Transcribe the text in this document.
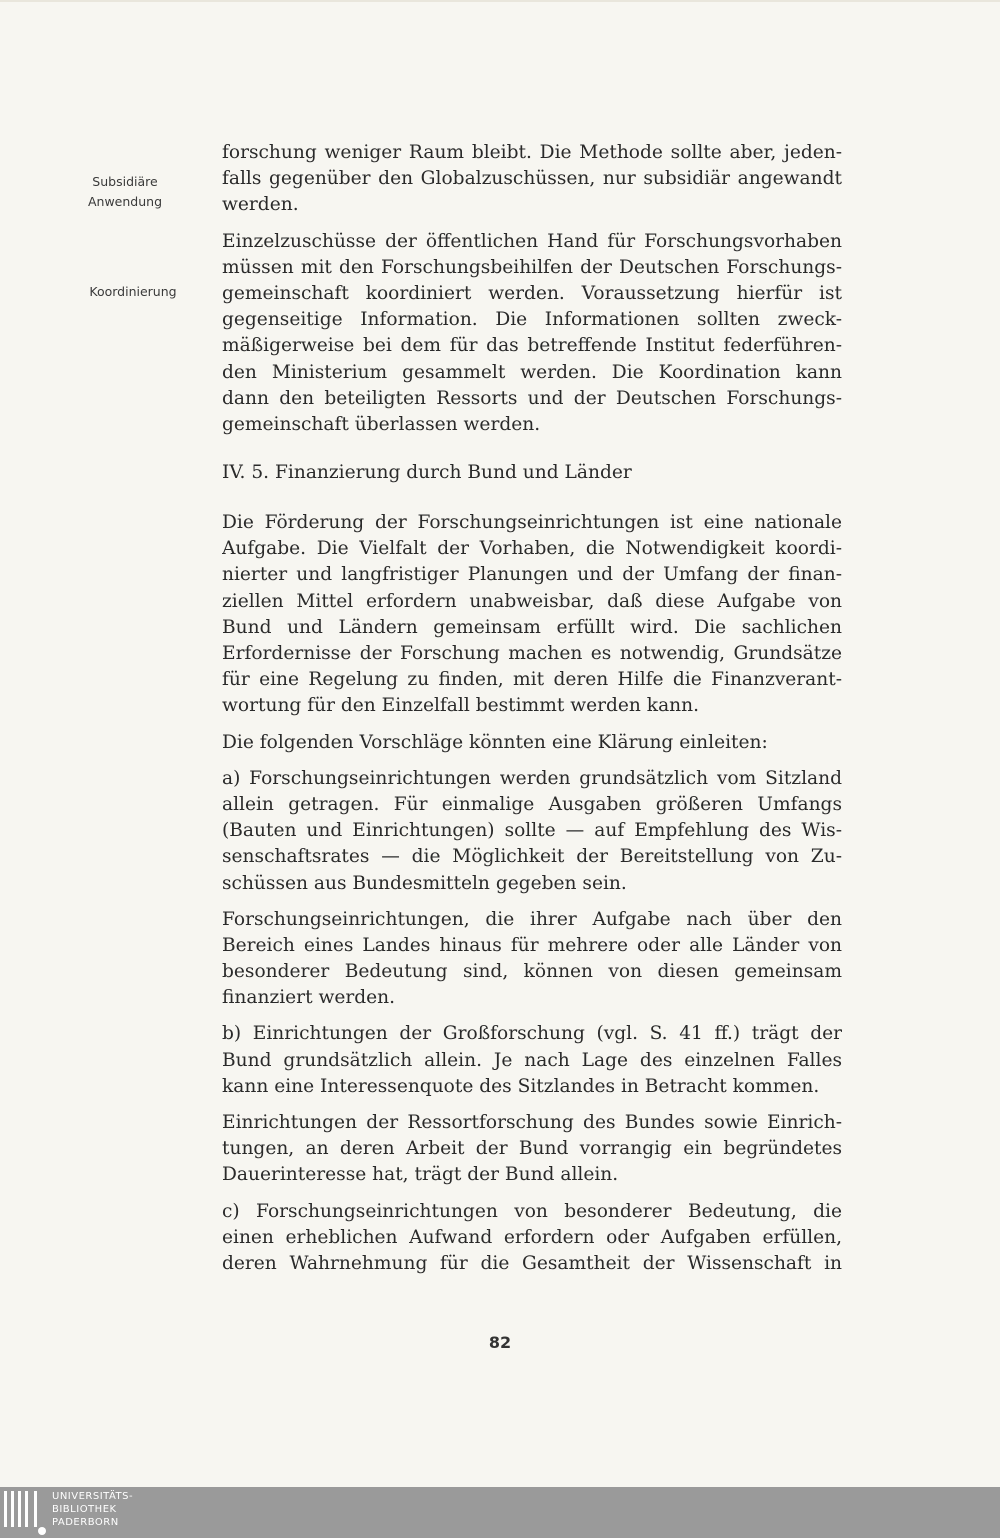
Subsidiäre
Anwendung
Koordinierung

forschung weniger Raum bleibt. Die Methode sollte aber, jeden-
falls gegenüber den Globalzuschüssen, nur subsidiär angewandt
werden.

Einzelzuschüsse der öffentlichen Hand für Forschungsvorhaben
müssen mit den Forschungsbeihilfen der Deutschen Forschungs-
gemeinschaft koordiniert werden. Voraussetzung hierfür ist
gegenseitige Information. Die Informationen sollten zweck-
mäßigerweise bei dem für das betreffende Institut federführen-
den Ministerium gesammelt werden. Die Koordination kann
dann den beteiligten Ressorts und der Deutschen Forschungs-
gemeinschaft überlassen werden.

IV. 5. Finanzierung durch Bund und Länder

Die Förderung der Forschungseinrichtungen ist eine nationale
Aufgabe. Die Vielfalt der Vorhaben, die Notwendigkeit koordi-
nierter und langfristiger Planungen und der Umfang der finan-
ziellen Mittel erfordern unabweisbar, daß diese Aufgabe von
Bund und Ländern gemeinsam erfüllt wird. Die sachlichen
Erfordernisse der Forschung machen es notwendig, Grundsätze
für eine Regelung zu finden, mit deren Hilfe die Finanzverant-
wortung für den Einzelfall bestimmt werden kann.

Die folgenden Vorschläge könnten eine Klärung einleiten:

a) Forschungseinrichtungen werden grundsätzlich vom Sitzland
allein getragen. Für einmalige Ausgaben größeren Umfangs
(Bauten und Einrichtungen) sollte — auf Empfehlung des Wis-
senschaftsrates — die Möglichkeit der Bereitstellung von Zu-
schüssen aus Bundesmitteln gegeben sein.

Forschungseinrichtungen, die ihrer Aufgabe nach über den
Bereich eines Landes hinaus für mehrere oder alle Länder von
besonderer Bedeutung sind, können von diesen gemeinsam
finanziert werden.

b) Einrichtungen der Großforschung (vgl. S. 41 ff.) trägt der
Bund grundsätzlich allein. Je nach Lage des einzelnen Falles
kann eine Interessenquote des Sitzlandes in Betracht kommen.

Einrichtungen der Ressortforschung des Bundes sowie Einrich-
tungen, an deren Arbeit der Bund vorrangig ein begründetes
Dauerinteresse hat, trägt der Bund allein.

c) Forschungseinrichtungen von besonderer Bedeutung, die
einen erheblichen Aufwand erfordern oder Aufgaben erfüllen,
deren Wahrnehmung für die Gesamtheit der Wissenschaft in

82
UNIVERSITÄTS-
BIBLIOTHEK
PADERBORN
